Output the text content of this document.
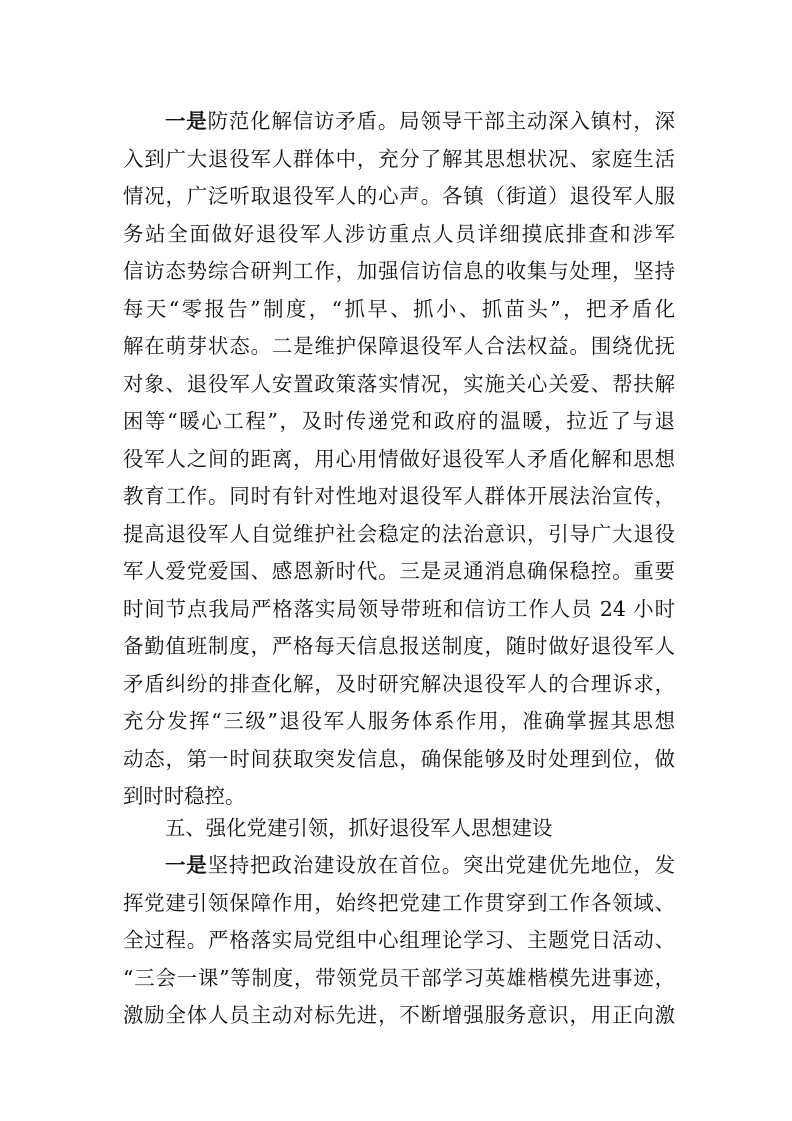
一是防范化解信访矛盾。局领导干部主动深入镇村，深
入到广大退役军人群体中，充分了解其思想状况、家庭生活
情况，广泛听取退役军人的心声。各镇（街道）退役军人服
务站全面做好退役军人涉访重点人员详细摸底排查和涉军
信访态势综合研判工作，加强信访信息的收集与处理，坚持
每天“零报告”制度，“抓早、抓小、抓苗头”，把矛盾化
解在萌芽状态。二是维护保障退役军人合法权益。围绕优抚
对象、退役军人安置政策落实情况，实施关心关爱、帮扶解
困等“暖心工程”，及时传递党和政府的温暖，拉近了与退
役军人之间的距离，用心用情做好退役军人矛盾化解和思想
教育工作。同时有针对性地对退役军人群体开展法治宣传，
提高退役军人自觉维护社会稳定的法治意识，引导广大退役
军人爱党爱国、感恩新时代。三是灵通消息确保稳控。重要
时间节点我局严格落实局领导带班和信访工作人员 24 小时
备勤值班制度，严格每天信息报送制度，随时做好退役军人
矛盾纠纷的排查化解，及时研究解决退役军人的合理诉求，
充分发挥“三级”退役军人服务体系作用，准确掌握其思想
动态，第一时间获取突发信息，确保能够及时处理到位，做
到时时稳控。
五、强化党建引领，抓好退役军人思想建设
一是坚持把政治建设放在首位。突出党建优先地位，发
挥党建引领保障作用，始终把党建工作贯穿到工作各领域、
全过程。严格落实局党组中心组理论学习、主题党日活动、
“三会一课”等制度，带领党员干部学习英雄楷模先进事迹，
激励全体人员主动对标先进，不断增强服务意识，用正向激
